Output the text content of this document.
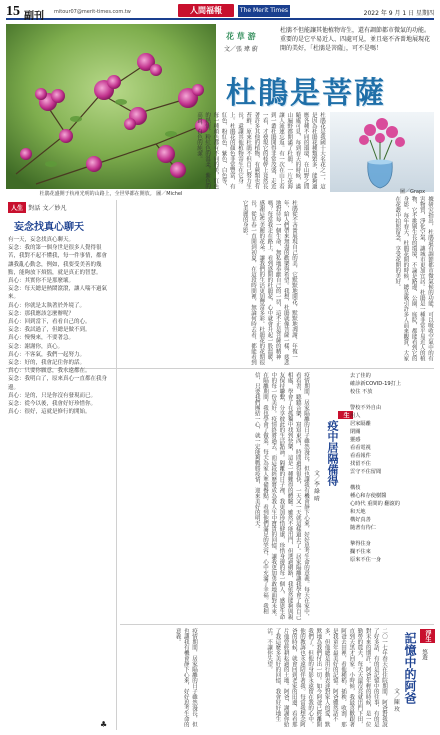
15 副刊 mitour07@merit-times.com.tw	人間福報	The Merit Times	2022 年 9 月 1 日 星期四
杜鵑花盛開于杭州光明的山路上，全世界都在開放。 圖／Michel
花 草 游
文／張 瑋 蔚
杜鵑不但能讓其他植物寄生，還有調節都市微氣的功能。重要的是它平易近人、四處可見，並且毫不吝嗇地展現花開的美好，「杜鵑是菩薩」，可不是嗎！
杜鵑是菩薩
圖／Grapx
杜鵑花是我國十大名花之一，這是因為杜鵑花種類繁多，能夠適應各種不同的環境，在山野之間隨處可見，每到春天的時候，滿山遍野都開滿了杜鵑，一片花海讓人流連忘返。有一次在山上看到一叢杜鵑開得非常茂盛，走近一看，才發現它的枝幹上竟然長著許多其他的植物，有蕨類也有苔蘚，原來杜鵑不但自己努力生長，還讓其他植物寄生在它身上。杜鵑花的顏色非常豐富，有紅色、粉紅色、紫色、白色等，每一種顏色都有不同的美，紅色的熱情，粉紅色的溫柔，紫色的高貴，白色的純潔。
據研究指出，杜鵑還有調節都市微氣候的功能，可以吸收空氣中的有害物質，淨化空氣，讓城市更加宜居。杜鵑是一種非常平易近人的植物，它不挑剔生長的環境，不論是路邊、公園、庭院，都能看到它的身影。每年春天，杜鵑花開的時候，總是吸引許多人前來觀賞，大家在花叢中拍照留念，享受花開的美好。
杜鵑從不吝嗇展現自己的美，它默默地開花，默默地凋謝，年復一年，給人們帶來無盡的歡樂與希望。我想，杜鵑就像菩薩一樣，慈悲地對待每一個生命，無私地奉獻自己的一切，這不正是菩薩的精神嗎？每當我走在路上，看到盛開的杜鵑花，心中就會升起一股溫暖，感謝這些美麗的花朵，讓我們的生活更加豐富多彩。杜鵑花的花期很長，從早春一直開到初夏，在這段時間裡，無論何時去看，都能看到它美麗的身影。
人生 對話 文／妙凡
妄念找真心聊天

有一天，妄念找真心聊天。

妄念：我的第一個身世是很多人覺得很苦，我對不起不懂我，每一件事情，都會讓我亂心動念，例如，我要受美善的幾點，能夠放下煩惱，就是真正的智慧。

真心：其實你不是那麼壞。

妄念：每天總是熱鬧滾滾，讓人喘不過氣來。

真心：你就是太執著於外境了。

妄念：那我應該怎麼辦呢？

真心：回到當下，看看自己的心。

妄念：我試過了，但總是做不到。

真心：慢慢來，不要著急。

妄念：謝謝你，真心。

真心：不客氣，我們一起努力。

妄念：好的，我會記住你的話。

真心：只要你願意，我永遠都在。

妄念：我明白了，原來真心一直都在我身邊。

真心：是的，只是你沒有發現而已。

妄念：從今以後，我會好好珍惜你。

真心：很好，這就是修行的開始。

♣
生
疫中居隔備得
文／李 綠 晴
去了佳的
確診新COVID-19打上
校住 不放

警校不外自由
用人
居家隔離
閉關
靈感
看看電視
看看報件
找留不住
雲守不住留聞

構枝
種心和存使樹醬
心時代 重問的 翻滾的
和天地
構好真善
隨著有待仁

摯得住身
攔不住來
原來不住一身
疫情期間，居家隔離的日子雖然漫長，但也讓我有機會靜下心來，好好思考生命的意義。每天在家中，看看書，聽聽音樂，寫寫東西，時間過得很快，一天又一天就這樣過去了。居家隔離讓我學會了與自己相處，學會了在孤獨中找到快樂，這是一種難得的體驗。雖然不能出門，但透過網路，我依然能夠與親友保持聯繫，分享彼此的生活點滴。隔離的日子裡，我更加珍惜健康，珍惜身邊的每一個人，感恩生命中的每一份美好。疫情終將過去，而這段經歷將成為我人生中寶貴的回憶，讓我更加勇敢地面對未來。在隔離期間，我也學會了做菜，每天為家人準備餐點，看到他們滿足的笑容，心中充滿了幸福。我相信，只要我們團結一心，就一定能夠戰勝疫情，迎來美好的明天。
浮生
悠遊
記憶中的阿爸
文／陳 玫
二〇一七年春天在住院期間，阿爸對我說了好多話，有的是記憶中的往事，有的是對未來的期許。阿爸年輕的時候，是一位勤勞的農夫，每天天還沒亮就出門下田，直到天黑才回家。小時候，我最喜歡跟著阿爸去田裡，看他種稻、插秧、收割，那是我童年最美好的記憶。阿爸雖然話不多，但他總是用行動表達對家人的愛，默默地為我們付出一切。如今阿爸已經離開我們了，但他的身影永遠留在我的心中，他的教誨也永遠陪伴著我。每當我想念阿爸的時候，就會回到老家的田邊，看看那片他曾經耕耘過的土地。阿爸，謝謝你給了我這麼多美好的回憶，我會好好地生活，不讓你失望。
疫情期間，居家隔離的日子雖然漫長，但也讓我有機會靜下心來，好好思考生命的意義。
